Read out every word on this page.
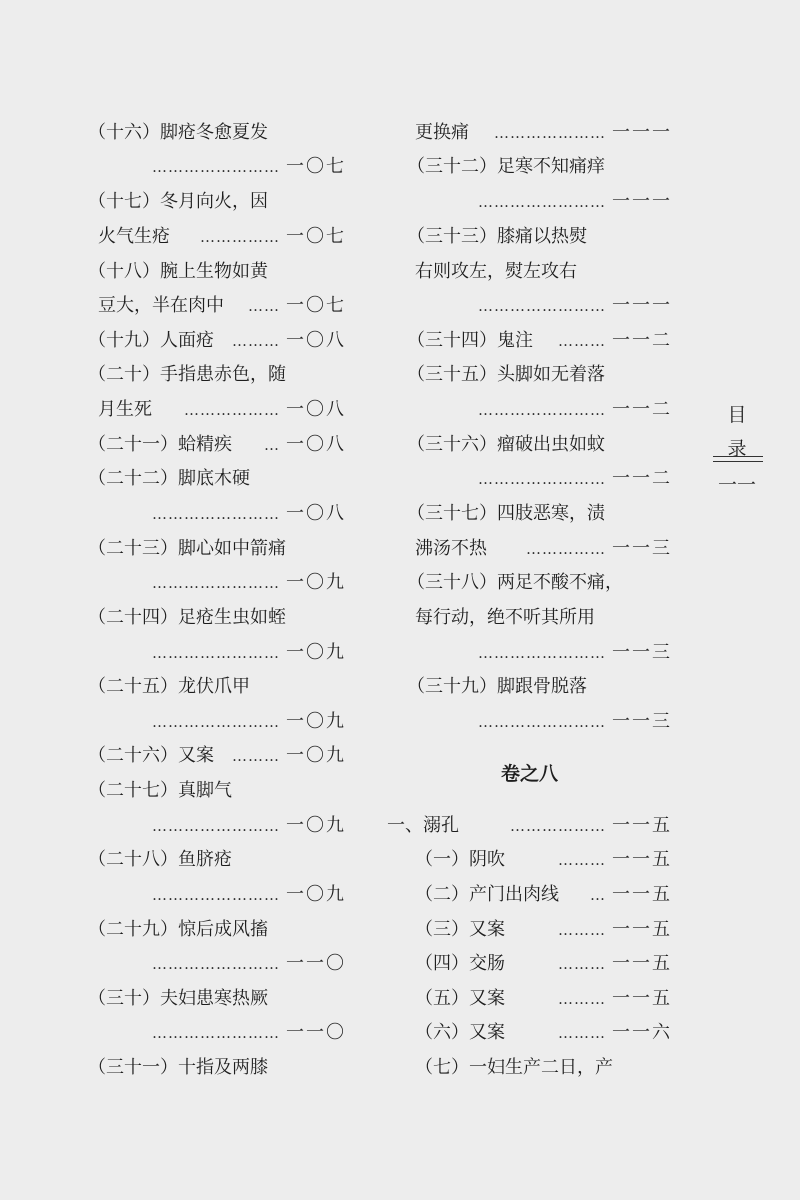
（十六）脚疮冬愈夏发
…………………… 一〇七
（十七）冬月向火，因
火气生疮	…………… 一〇七
（十八）腕上生物如黄
豆大，半在肉中	…… 一〇七
（十九）人面疮	……… 一〇八
（二十）手指患赤色，随
月生死	……………… 一〇八
（二十一）蛤精疾	… 一〇八
（二十二）脚底木硬
…………………… 一〇八
（二十三）脚心如中箭痛
…………………… 一〇九
（二十四）足疮生虫如蛭
…………………… 一〇九
（二十五）龙伏爪甲
…………………… 一〇九
（二十六）又案	……… 一〇九
（二十七）真脚气
…………………… 一〇九
（二十八）鱼脐疮
…………………… 一〇九
（二十九）惊后成风搐
…………………… 一一〇
（三十）夫妇患寒热厥
…………………… 一一〇
（三十一）十指及两膝
卷之八
更换痛	………………… 一一一
（三十二）足寒不知痛痒
…………………… 一一一
（三十三）膝痛以热熨
右则攻左，熨左攻右
…………………… 一一一
（三十四）鬼注	……… 一一二
（三十五）头脚如无着落
…………………… 一一二
（三十六）瘤破出虫如蚊
…………………… 一一二
（三十七）四肢恶寒，渍
沸汤不热	…………… 一一三
（三十八）两足不酸不痛，
每行动，绝不听其所用
…………………… 一一三
（三十九）脚跟骨脱落
…………………… 一一三
一、溺孔	……………… 一一五
（一）阴吹	……… 一一五
（二）产门出肉线	… 一一五
（三）又案	……… 一一五
（四）交肠	……… 一一五
（五）又案	……… 一一五
（六）又案	……… 一一六
（七）一妇生产二日，产
目 录
一一
